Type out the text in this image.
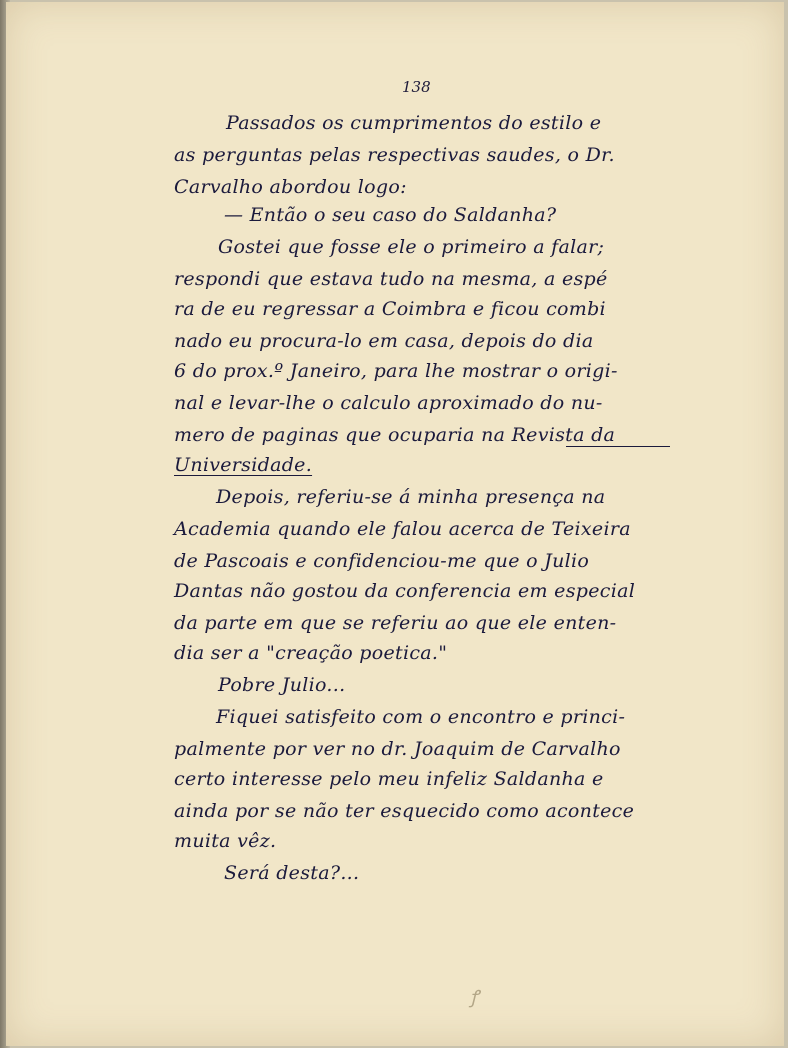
138
Passados os cumprimentos do estilo e
as perguntas pelas respectivas saudes, o Dr.
Carvalho abordou logo:
— Então o seu caso do Saldanha?
Gostei que fosse ele o primeiro a falar;
respondi que estava tudo na mesma, a espé
ra de eu regressar a Coimbra e ficou combi
nado eu procura-lo em casa, depois do dia
6 do prox.º Janeiro, para lhe mostrar o origi-
nal e levar-lhe o calculo aproximado do nu-
mero de paginas que ocuparia na Revista da
Universidade.
Depois, referiu-se á minha presença na
Academia quando ele falou acerca de Teixeira
de Pascoais e confidenciou-me que o Julio
Dantas não gostou da conferencia em especial
da parte em que se referiu ao que ele enten-
dia ser a "creação poetica."
Pobre Julio...
Fiquei satisfeito com o encontro e princi-
palmente por ver no dr. Joaquim de Carvalho
certo interesse pelo meu infeliz Saldanha e
ainda por se não ter esquecido como acontece
muita vêz.
Será desta?...
ꝭ
